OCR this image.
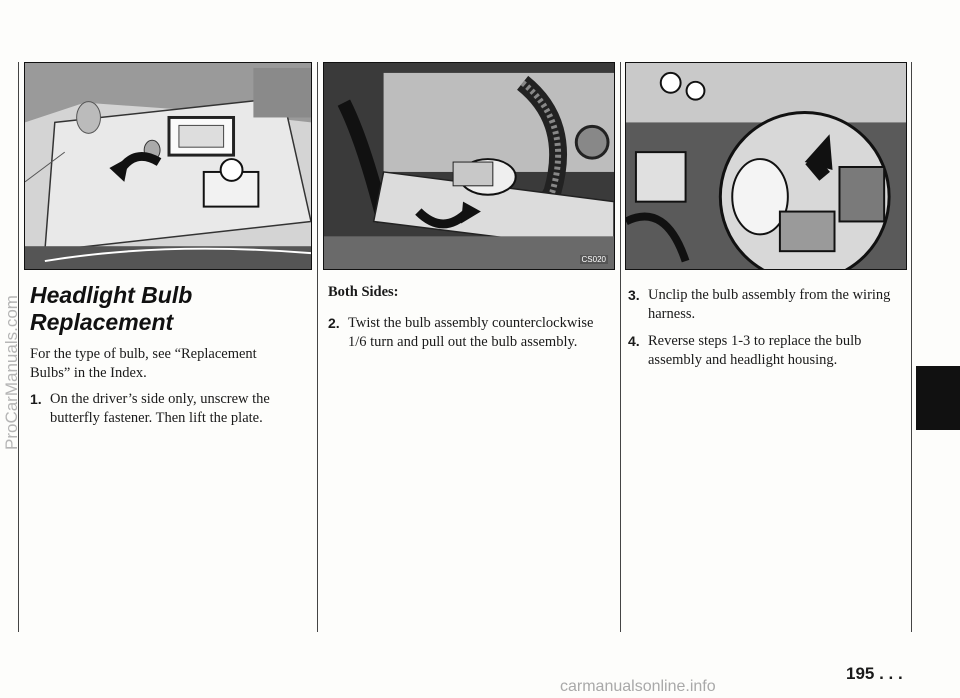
CS020
Headlight Bulb Replacement

For the type of bulb, see “Replacement Bulbs” in the Index.

1. On the driver’s side only, unscrew the butterfly fastener. Then lift the plate.
Both Sides:
2. Twist the bulb assembly counterclockwise 1/6 turn and pull out the bulb assembly.
3. Unclip the bulb assembly from the wiring harness.
4. Reverse steps 1-3 to replace the bulb assembly and headlight housing.
195 . . .
ProCarManuals.com
carmanualsonline.info
